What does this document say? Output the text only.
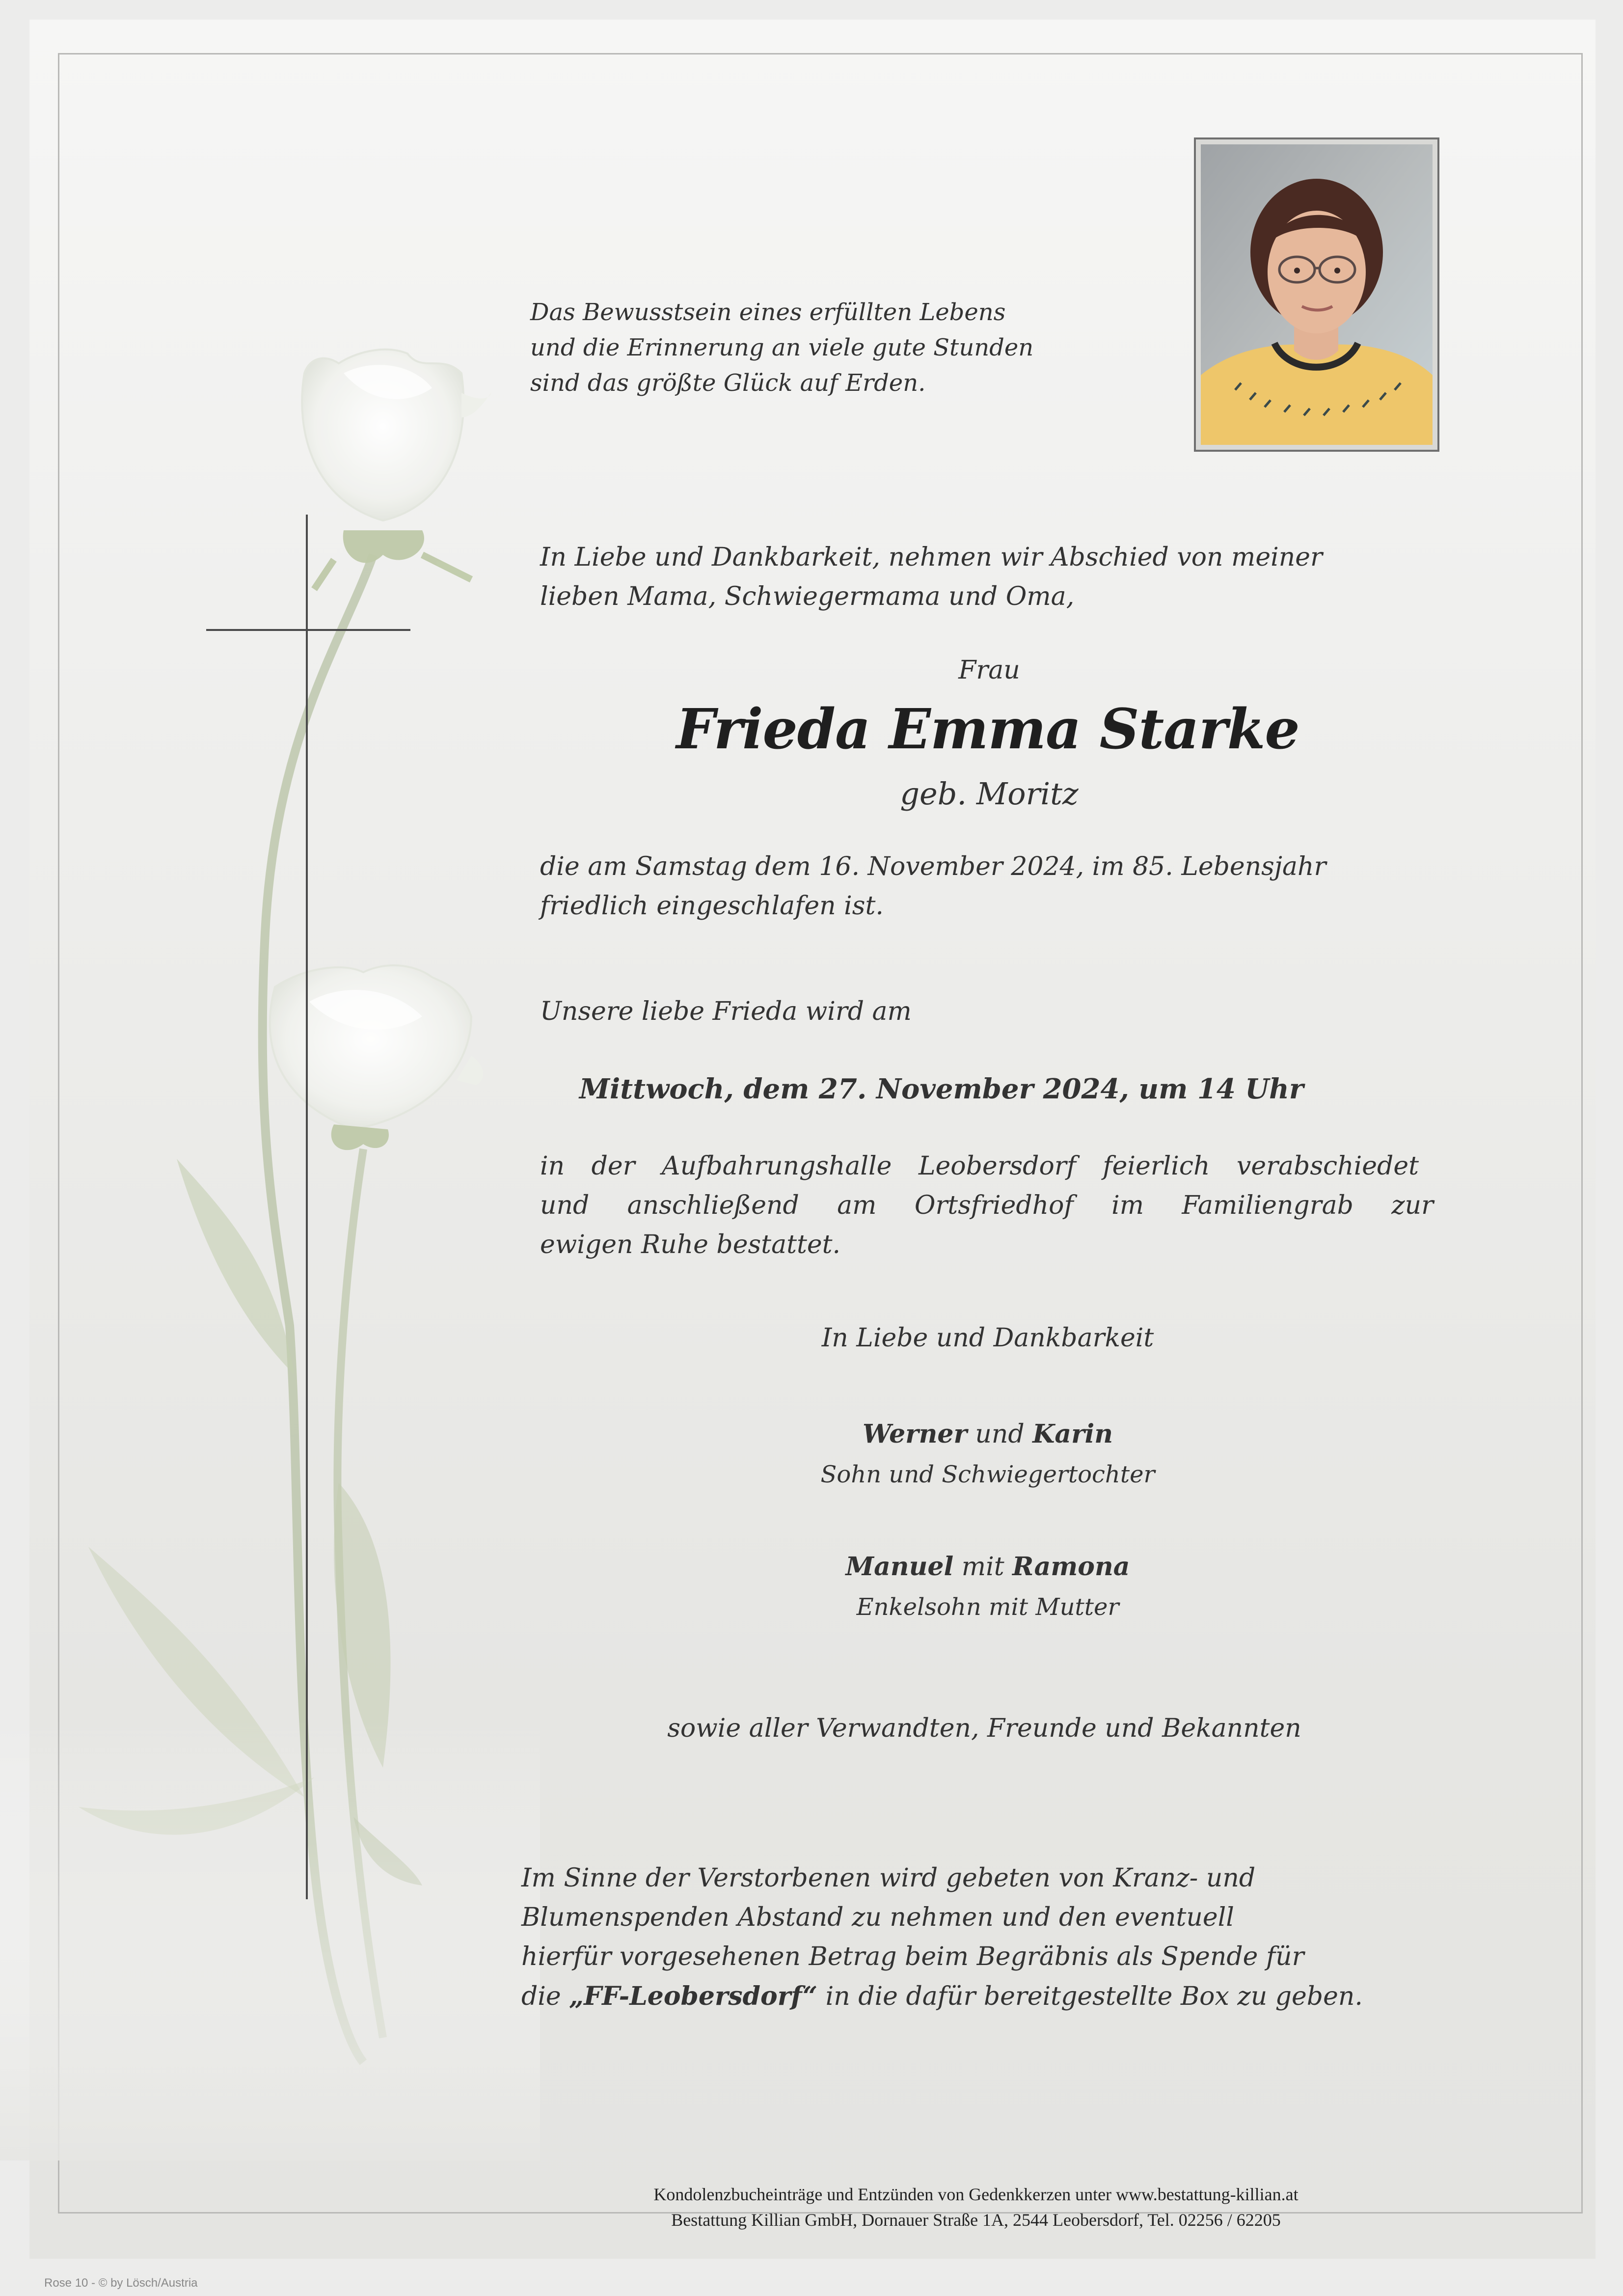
Das Bewusstsein eines erfüllten Lebens

und die Erinnerung an viele gute Stunden

sind das größte Glück auf Erden.

In Liebe und Dankbarkeit, nehmen wir Abschied von meiner

lieben Mama, Schwiegermama und Oma,

Frau

Frieda Emma Starke

geb. Moritz

die am Samstag dem 16. November 2024, im 85. Lebensjahr

friedlich eingeschlafen ist.

Unsere liebe Frieda wird am

Mittwoch, dem 27. November 2024, um 14 Uhr

in der Aufbahrungshalle Leobersdorf feierlich verabschiedet

und anschließend am Ortsfriedhof im Familiengrab zur

ewigen Ruhe bestattet.

In Liebe und Dankbarkeit

Werner und Karin

Sohn und Schwiegertochter

Manuel mit Ramona

Enkelsohn mit Mutter

sowie aller Verwandten, Freunde und Bekannten

Im Sinne der Verstorbenen wird gebeten von Kranz- und

Blumenspenden Abstand zu nehmen und den eventuell

hierfür vorgesehenen Betrag beim Begräbnis als Spende für

die „FF-Leobersdorf“ in die dafür bereitgestellte Box zu geben.

Kondolenzbucheinträge und Entzünden von Gedenkkerzen unter www.bestattung-killian.at

Bestattung Killian GmbH, Dornauer Straße 1A, 2544 Leobersdorf, Tel. 02256 / 62205

Rose 10 - © by Lösch/Austria
